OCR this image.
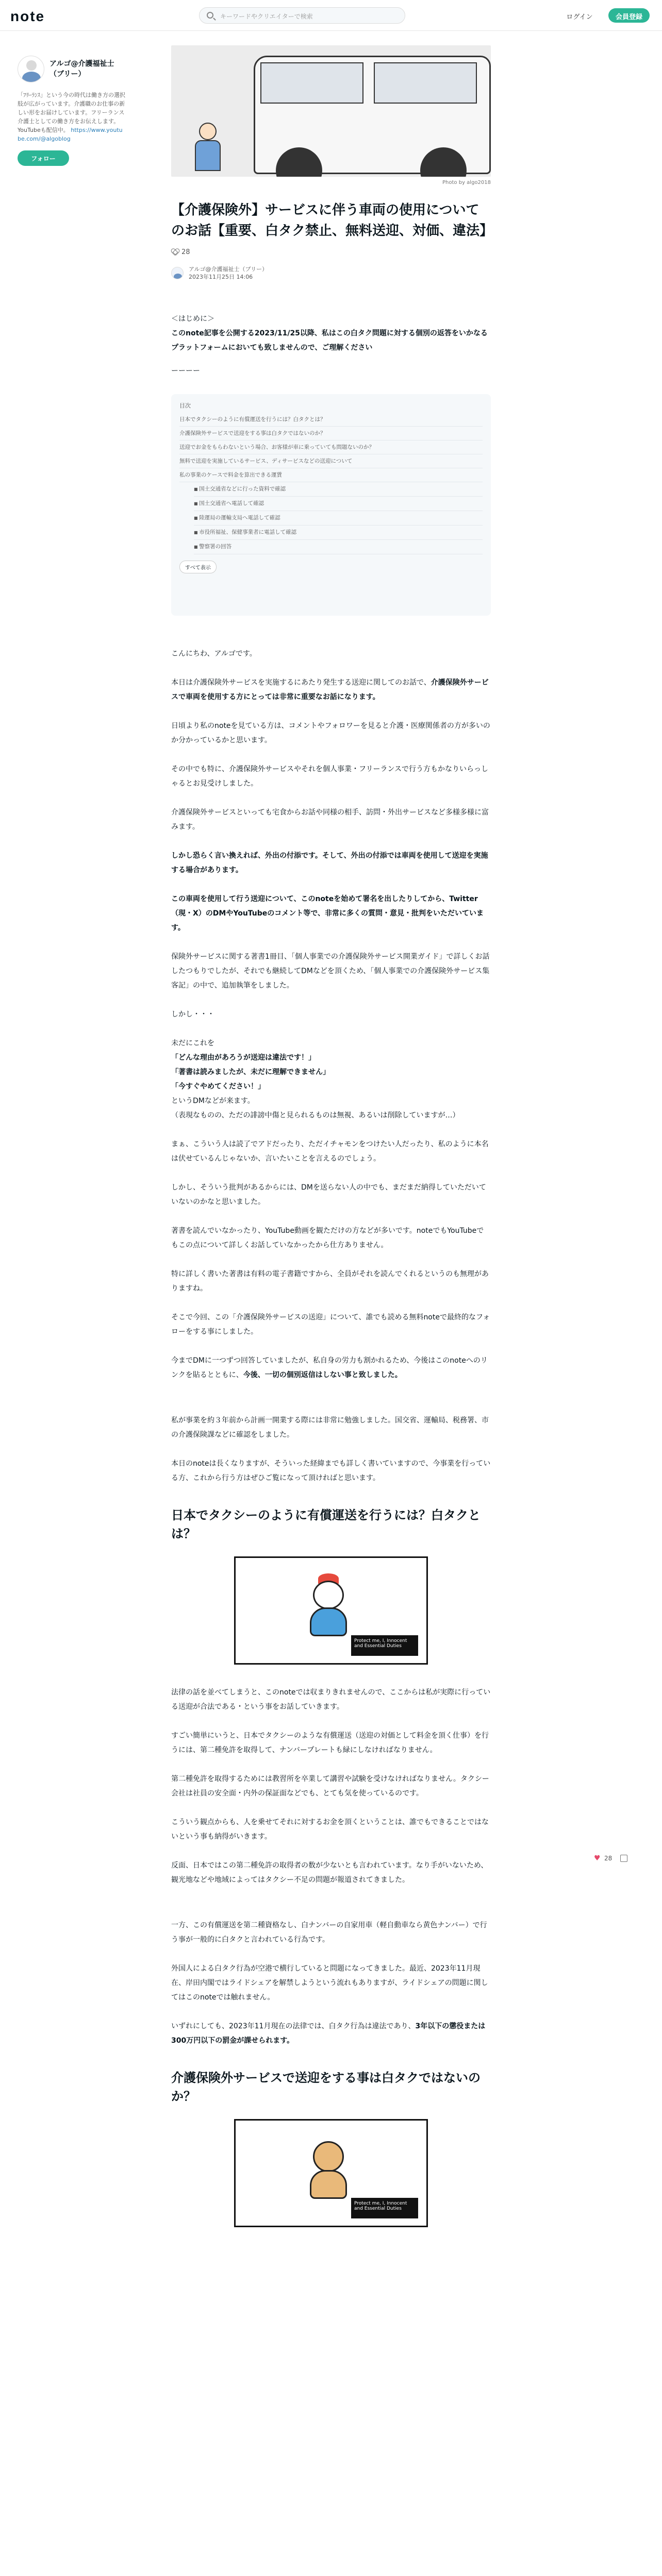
note	キーワードやクリエイターで検索	ログイン	会員登録
アルゴ@介護福祉士（ブリー）
「ﾌﾘｰﾗﾝｽ」という今の時代は働き方の選択肢が広がっています。介護職のお仕事の新しい形をお届けしています。フリーランス介護士としての働き方をお伝えします。YouTubeも配信中。 https://www.youtube.com/@algoblog
フォロー
Photo by algo2018
【介護保険外】サービスに伴う車両の使用についてのお話【重要、白タク禁止、無料送迎、対価、違法】
28
アルゴ@介護福祉士（ブリー）
2023年11月25日 14:06
＜はじめに＞
このnote記事を公開する2023/11/25以降、私はこの白タク問題に対する個別の返答をいかなるプラットフォームにおいても致しませんので、ご理解ください
ーーーー
目次
日本でタクシーのように有償運送を行うには？白タクとは？
介護保険外サービスで送迎をする事は白タクではないのか？
送迎でお金をもらわないという場合、お客様が車に乗っていても問題ないのか？
無料で送迎を実施しているサービス、ディサービスなどの送迎について
私の事業のケースで料金を算出できる運賃
■ 国土交通省などに行った資料で確認
■ 国土交通省へ電話して確認
■ 陸運局の運輸支局へ電話して確認
■ 市役所福祉、保健事業者に電話して確認
■ 警察署の回答
すべて表示

こんにちわ、アルゴです。

本日は介護保険外サービスを実施するにあたり発生する送迎に関してのお話で、介護保険外サービスで車両を使用する方にとっては非常に重要なお話になります。

日頃より私のnoteを見ている方は、コメントやフォロワーを見ると介護・医療関係者の方が多いのか分かっているかと思います。

その中でも特に、介護保険外サービスやそれを個人事業・フリーランスで行う方もかなりいらっしゃるとお見受けしました。

介護保険外サービスといっても宅食からお話や同様の相手、訪問・外出サービスなど多様多様に富みます。

しかし恐らく言い換えれば、外出の付添です。そして、外出の付添では車両を使用して送迎を実施する場合があります。

この車両を使用して行う送迎について、このnoteを始めて署名を出したりしてから、Twitter（現・X）のDMやYouTubeのコメント等で、非常に多くの質問・意見・批判をいただいています。

保険外サービスに関する著書1冊目、「個人事業での介護保険外サービス開業ガイド」で詳しくお話したつもりでしたが、それでも継続してDMなどを頂くため、「個人事業での介護保険外サービス集客記」の中で、追加執筆をしました。

しかし・・・

未だにこれを
「どんな理由があろうが送迎は違法です！」
「著書は読みましたが、未だに理解できません」
「今すぐやめてください！」
というDMなどが来ます。
（表現なものの、ただの誹謗中傷と見られるものは無視、あるいは削除していますが…）

まぁ、こういう人は読了でアドだったり、ただイチャモンをつけたい人だったり、私のように本名は伏せているんじゃないか、言いたいことを言えるのでしょう。

しかし、そういう批判があるからには、DMを送らない人の中でも、まだまだ納得していただいていないのかなと思いました。

著書を読んでいなかったり、YouTube動画を観ただけの方などが多いです。noteでもYouTubeでもこの点について詳しくお話していなかったから仕方ありません。

特に詳しく書いた著書は有料の電子書籍ですから、全員がそれを読んでくれるというのも無理がありますね。

そこで今回、この「介護保険外サービスの送迎」について、誰でも読める無料noteで最終的なフォローをする事にしました。

今までDMに一つずつ回答していましたが、私自身の労力も割かれるため、今後はこのnoteへのリンクを貼るとともに、今後、一切の個別返信はしない事と致しました。

私が事業を約３年前から計画一開業する際には非常に勉強しました。国交省、運輸局、税務署、市の介護保険課などに確認をしました。

本日のnoteは長くなりますが、そういった経緯までも詳しく書いていますので、今事業を行っている方、これから行う方はぜひご覧になって頂ければと思います。

日本でタクシーのように有償運送を行うには？白タクとは？
Protect me, I, Innocent and Essential Duties

法律の話を並べてしまうと、このnoteでは収まりきれませんので、ここからは私が実際に行っている送迎が合法である・という事をお話していきます。

すごい簡単にいうと、日本でタクシーのような有償運送（送迎の対価として料金を頂く仕事）を行うには、第二種免許を取得して、ナンバープレートも緑にしなければなりません。

第二種免許を取得するためには教習所を卒業して講習や試験を受けなければなりません。タクシー会社は社員の安全面・内外の保証面などでも、とても気を使っているのです。

こういう観点からも、人を乗せてそれに対するお金を頂くということは、誰でもできることではないという事も納得がいきます。

反面、日本ではこの第二種免許の取得者の数が少ないとも言われています。なり手がいないため、観光地などや地域によってはタクシー不足の問題が報道されてきました。

一方、この有償運送を第二種資格なし、白ナンバーの自家用車（軽自動車なら黄色ナンバー）で行う事が一般的に白タクと言われている行為です。

外国人による白タク行為が空港で横行していると問題になってきました。最近、2023年11月現在、岸田内閣ではライドシェアを解禁しようという流れもありますが、ライドシェアの問題に関してはこのnoteでは触れません。

いずれにしても、2023年11月現在の法律では、白タク行為は違法であり、3年以下の懲役または300万円以下の罰金が課せられます。

介護保険外サービスで送迎をする事は白タクではないのか？
Protect me, I, Innocent and Essential Duties
♥ 28
